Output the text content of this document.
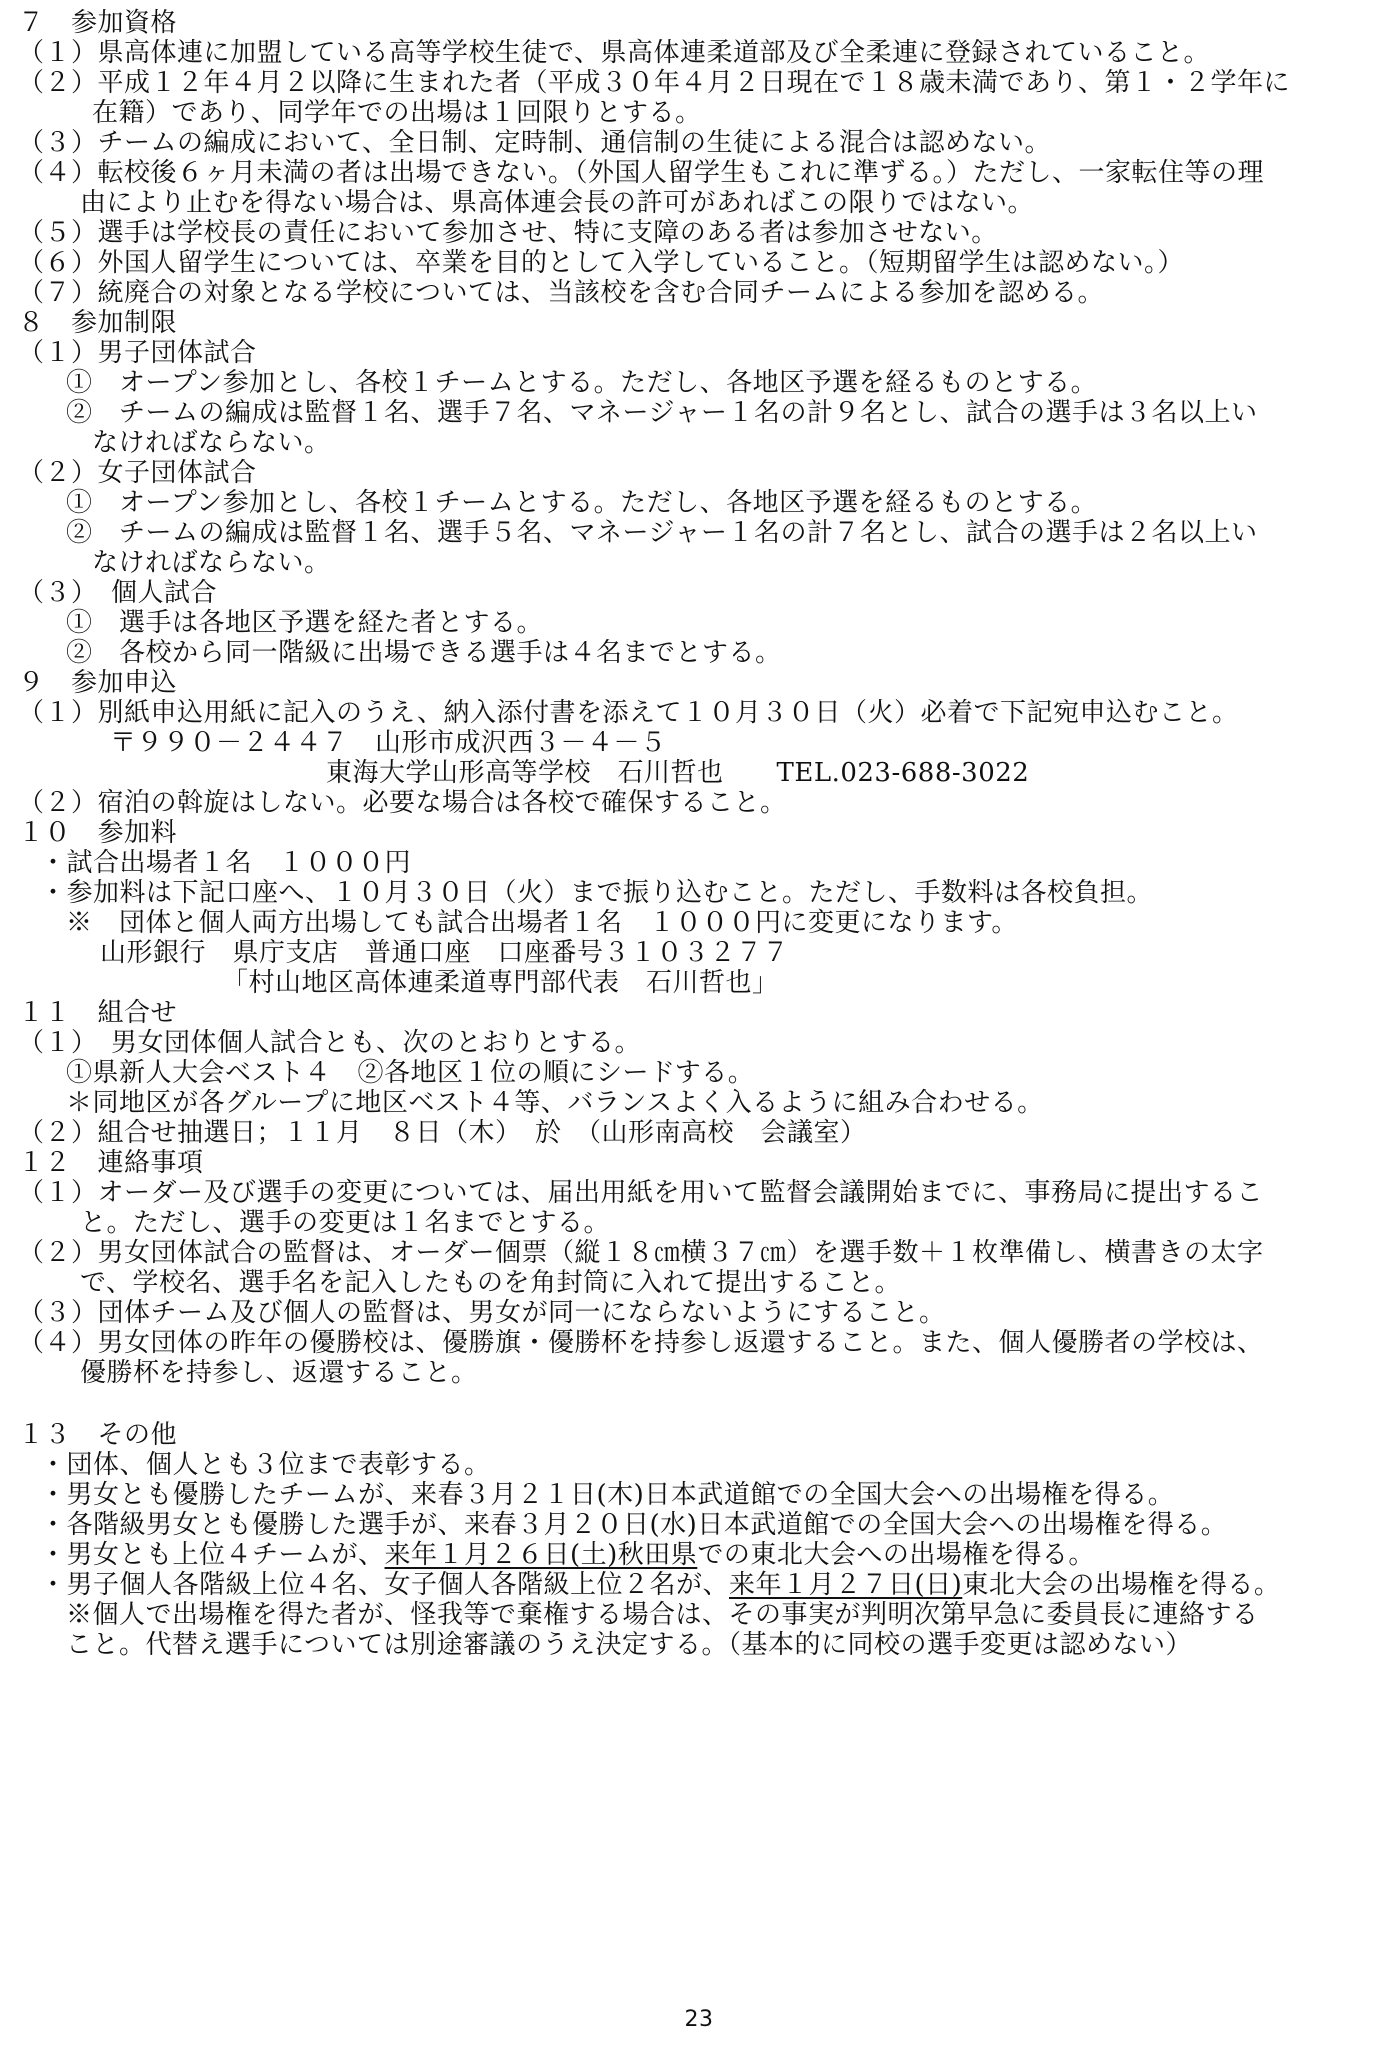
７　参加資格
（１）県高体連に加盟している高等学校生徒で、県高体連柔道部及び全柔連に登録されていること。
（２）平成１２年４月２以降に生まれた者（平成３０年４月２日現在で１８歳未満であり、第１・２学年に
在籍）であり、同学年での出場は１回限りとする。
（３）チームの編成において、全日制、定時制、通信制の生徒による混合は認めない。
（４）転校後６ヶ月未満の者は出場できない。（外国人留学生もこれに準ずる。）ただし、一家転住等の理
由により止むを得ない場合は、県高体連会長の許可があればこの限りではない。
（５）選手は学校長の責任において参加させ、特に支障のある者は参加させない。
（６）外国人留学生については、卒業を目的として入学していること。（短期留学生は認めない。）
（７）統廃合の対象となる学校については、当該校を含む合同チームによる参加を認める。
８　参加制限
（１）男子団体試合
①　オープン参加とし、各校１チームとする。ただし、各地区予選を経るものとする。
②　チームの編成は監督１名、選手７名、マネージャー１名の計９名とし、試合の選手は３名以上い
なければならない。
（２）女子団体試合
①　オープン参加とし、各校１チームとする。ただし、各地区予選を経るものとする。
②　チームの編成は監督１名、選手５名、マネージャー１名の計７名とし、試合の選手は２名以上い
なければならない。
（３）　個人試合
①　選手は各地区予選を経た者とする。
②　各校から同一階級に出場できる選手は４名までとする。
９　参加申込
（１）別紙申込用紙に記入のうえ、納入添付書を添えて１０月３０日（火）必着で下記宛申込むこと。
〒９９０－２４４７　山形市成沢西３－４－５
東海大学山形高等学校　石川哲也　　TEL.023-688-3022
（２）宿泊の斡旋はしない。必要な場合は各校で確保すること。
１０　参加料
・試合出場者１名　１０００円
・参加料は下記口座へ、１０月３０日（火）まで振り込むこと。ただし、手数料は各校負担。
※　団体と個人両方出場しても試合出場者１名　１０００円に変更になります。
山形銀行　県庁支店　普通口座　口座番号３１０３２７７
「村山地区高体連柔道専門部代表　石川哲也」
１１　組合せ
（１）　男女団体個人試合とも、次のとおりとする。
①県新人大会ベスト４　②各地区１位の順にシードする。
＊同地区が各グループに地区ベスト４等、バランスよく入るように組み合わせる。
（２）組合せ抽選日；１１月　８日（木）　於　（山形南高校　会議室）
１２　連絡事項
（１）オーダー及び選手の変更については、届出用紙を用いて監督会議開始までに、事務局に提出するこ
と。ただし、選手の変更は１名までとする。
（２）男女団体試合の監督は、オーダー個票（縦１８㎝横３７㎝）を選手数＋１枚準備し、横書きの太字
で、学校名、選手名を記入したものを角封筒に入れて提出すること。
（３）団体チーム及び個人の監督は、男女が同一にならないようにすること。
（４）男女団体の昨年の優勝校は、優勝旗・優勝杯を持参し返還すること。また、個人優勝者の学校は、
優勝杯を持参し、返還すること。
１３　その他
・団体、個人とも３位まで表彰する。
・男女とも優勝したチームが、来春３月２１日(木)日本武道館での全国大会への出場権を得る。
・各階級男女とも優勝した選手が、来春３月２０日(水)日本武道館での全国大会への出場権を得る。
・男女とも上位４チームが、来年１月２６日(土)秋田県での東北大会への出場権を得る。
・男子個人各階級上位４名、女子個人各階級上位２名が、来年１月２７日(日)東北大会の出場権を得る。
※個人で出場権を得た者が、怪我等で棄権する場合は、その事実が判明次第早急に委員長に連絡する
こと。代替え選手については別途審議のうえ決定する。（基本的に同校の選手変更は認めない）
23
